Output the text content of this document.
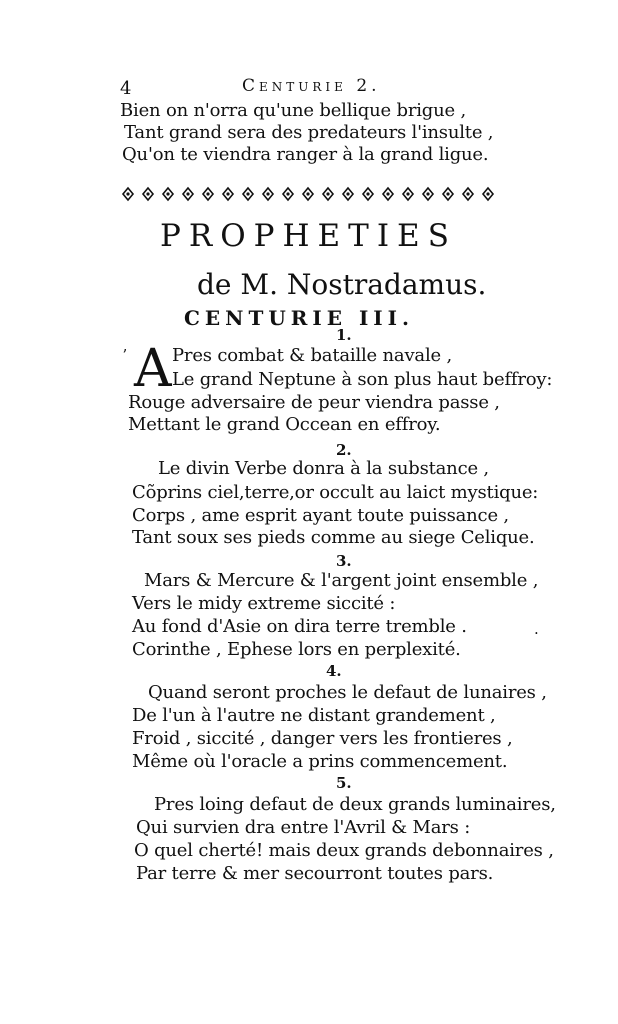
4	Centurie 2.
Bien on n'orra qu'une bellique brigue ,
Tant grand sera des predateurs l'insulte ,
Qu'on te viendra ranger à la grand ligue.
PROPHETIES
de M. Nostradamus.
CENTURIE III.
1.
ʼ A Pres combat & bataille navale ,
Le grand Neptune à son plus haut beffroy:
Rouge adversaire de peur viendra passe ,
Mettant le grand Occean en effroy.
2.
Le divin Verbe donra à la substance ,
Cõprins ciel,terre,or occult au laict mystique:
Corps , ame esprit ayant toute puissance ,
Tant soux ses pieds comme au siege Celique.
3.
Mars & Mercure & l'argent joint ensemble ,
Vers le midy extreme siccité :
Au fond d'Asie on dira terre tremble .	.
Corinthe , Ephese lors en perplexité.
4.
Quand seront proches le defaut de lunaires ,
De l'un à l'autre ne distant grandement ,
Froid , siccité , danger vers les frontieres ,
Même où l'oracle a prins commencement.
5.
Pres loing defaut de deux grands luminaires,
Qui survien dra entre l'Avril & Mars :
O quel cherté! mais deux grands debonnaires ,
Par terre & mer secourront toutes pars.
